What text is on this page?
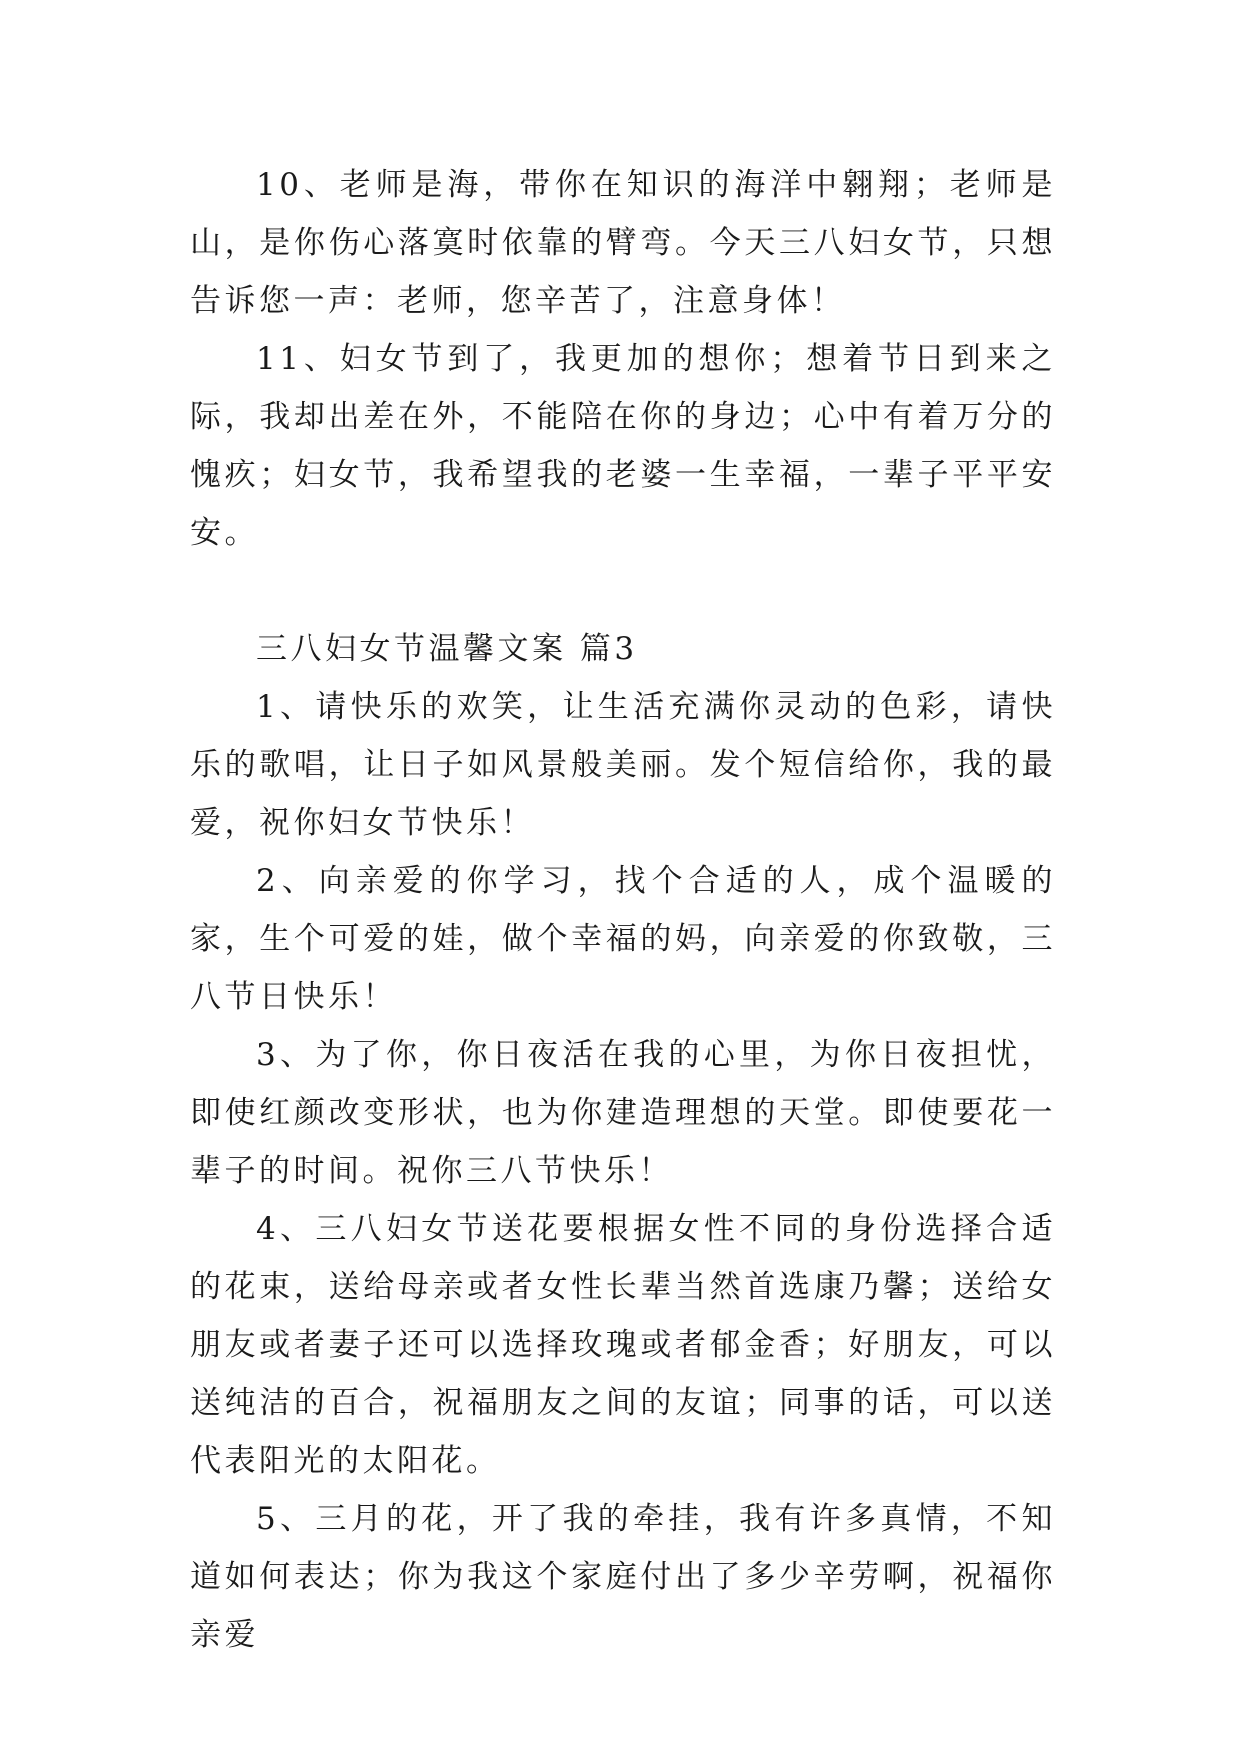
10、老师是海，带你在知识的海洋中翱翔；老师是山，是你伤心落寞时依靠的臂弯。今天三八妇女节，只想告诉您一声：老师，您辛苦了，注意身体！

11、妇女节到了，我更加的想你；想着节日到来之际，我却出差在外，不能陪在你的身边；心中有着万分的愧疚；妇女节，我希望我的老婆一生幸福，一辈子平平安安。

三八妇女节温馨文案 篇3

1、请快乐的欢笑，让生活充满你灵动的色彩，请快乐的歌唱，让日子如风景般美丽。发个短信给你，我的最爱，祝你妇女节快乐！

2、向亲爱的你学习，找个合适的人，成个温暖的家，生个可爱的娃，做个幸福的妈，向亲爱的你致敬，三八节日快乐！

3、为了你，你日夜活在我的心里，为你日夜担忧，即使红颜改变形状，也为你建造理想的天堂。即使要花一辈子的时间。祝你三八节快乐！

4、三八妇女节送花要根据女性不同的身份选择合适的花束，送给母亲或者女性长辈当然首选康乃馨；送给女朋友或者妻子还可以选择玫瑰或者郁金香；好朋友，可以送纯洁的百合，祝福朋友之间的友谊；同事的话，可以送代表阳光的太阳花。

5、三月的花，开了我的牵挂，我有许多真情，不知道如何表达；你为我这个家庭付出了多少辛劳啊，祝福你亲爱
